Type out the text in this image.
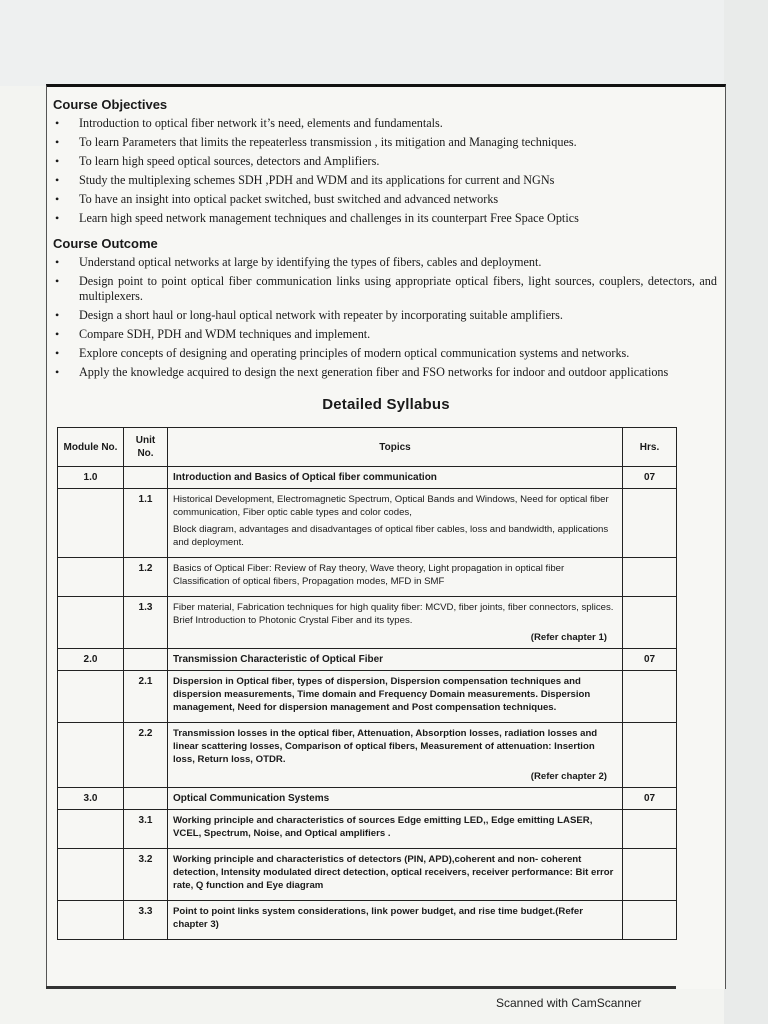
Course Objectives
• Introduction to optical fiber network it’s need, elements and fundamentals.
• To learn Parameters that limits the repeaterless transmission , its mitigation and Managing techniques.
• To learn high speed optical sources, detectors and Amplifiers.
• Study the multiplexing schemes SDH ,PDH and WDM and its applications for current and NGNs
• To have an insight into optical packet switched, bust switched and advanced networks
• Learn high speed network management techniques and challenges in its counterpart Free Space Optics
Course Outcome
• Understand optical networks at large by identifying the types of fibers, cables and deployment.
• Design point to point optical fiber communication links using appropriate optical fibers, light sources, couplers, detectors, and multiplexers.
• Design a short haul or long-haul optical network with repeater by incorporating suitable amplifiers.
• Compare SDH, PDH and WDM techniques and implement.
• Explore concepts of designing and operating principles of modern optical communication systems and networks.
• Apply the knowledge acquired to design the next generation fiber and FSO networks for indoor and outdoor applications
Detailed Syllabus
Module No.	Unit No.	Topics	Hrs.
1.0		Introduction and Basics of Optical fiber communication	07
	1.1	Historical Development, Electromagnetic Spectrum, Optical Bands and Windows, Need for optical fiber communication, Fiber optic cable types and color codes,

Block diagram, advantages and disadvantages of optical fiber cables, loss and bandwidth, applications and deployment.	

	1.2	Basics of Optical Fiber: Review of Ray theory, Wave theory, Light propagation in optical fiber Classification of optical fibers, Propagation modes, MFD in SMF	

	1.3	Fiber material, Fabrication techniques for high quality fiber: MCVD, fiber joints, fiber connectors, splices. Brief Introduction to Photonic Crystal Fiber and its types.

(Refer chapter 1)	

2.0		Transmission Characteristic of Optical Fiber	07
	2.1	Dispersion in Optical fiber, types of dispersion, Dispersion compensation techniques and dispersion measurements, Time domain and Frequency Domain measurements. Dispersion management, Need for dispersion management and Post compensation techniques.	

	2.2	Transmission losses in the optical fiber, Attenuation, Absorption losses, radiation losses and linear scattering losses, Comparison of optical fibers, Measurement of attenuation: Insertion loss, Return loss, OTDR.

(Refer chapter 2)	

3.0		Optical Communication Systems	07
	3.1	Working principle and characteristics of sources Edge emitting LED,, Edge emitting LASER, VCEL, Spectrum, Noise, and Optical amplifiers .	

	3.2	Working principle and characteristics of detectors (PIN, APD),coherent and non- coherent detection, Intensity modulated direct detection, optical receivers, receiver performance: Bit error rate, Q function and Eye diagram	

	3.3	Point to point links system considerations, link power budget, and rise time budget.(Refer chapter 3)	

Scanned with CamScanner
